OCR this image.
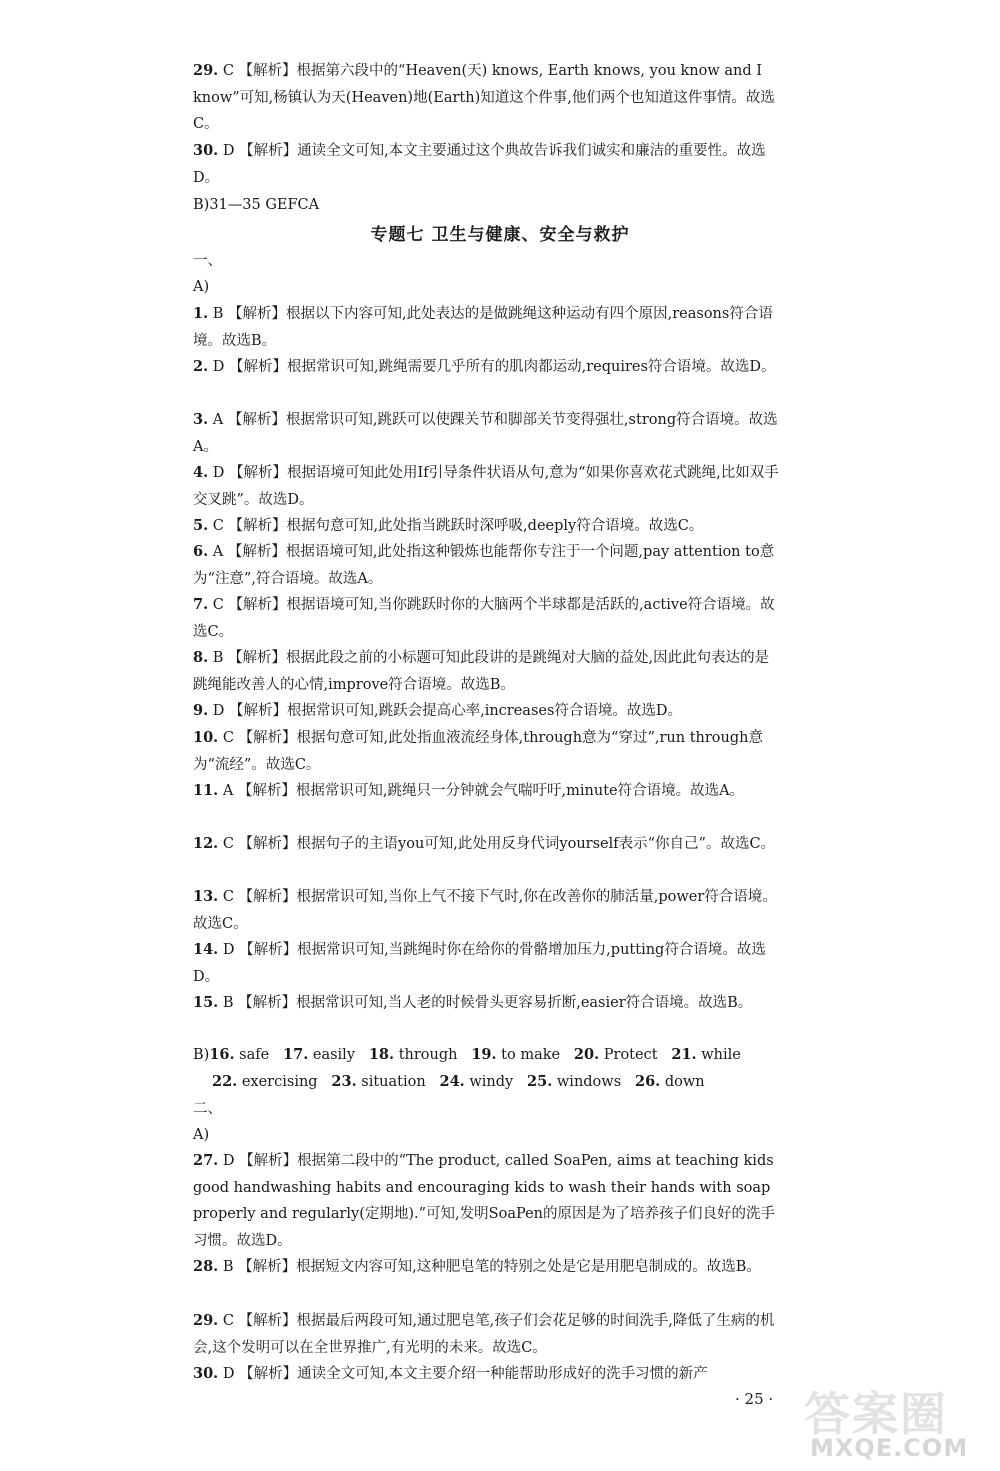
29. C 【解析】根据第六段中的“Heaven(天) knows, Earth knows, you know and I know”可知,杨镇认为天(Heaven)地(Earth)知道这个件事,他们两个也知道这件事情。故选C。
30. D 【解析】通读全文可知,本文主要通过这个典故告诉我们诚实和廉洁的重要性。故选D。
B)31—35 GEFCA
专题七 卫生与健康、安全与救护
一、
A)
1. B 【解析】根据以下内容可知,此处表达的是做跳绳这种运动有四个原因,reasons符合语境。故选B。
2. D 【解析】根据常识可知,跳绳需要几乎所有的肌肉都运动,requires符合语境。故选D。
3. A 【解析】根据常识可知,跳跃可以使踝关节和脚部关节变得强壮,strong符合语境。故选A。
4. D 【解析】根据语境可知此处用If引导条件状语从句,意为“如果你喜欢花式跳绳,比如双手交叉跳”。故选D。
5. C 【解析】根据句意可知,此处指当跳跃时深呼吸,deeply符合语境。故选C。
6. A 【解析】根据语境可知,此处指这种锻炼也能帮你专注于一个问题,pay attention to意为“注意”,符合语境。故选A。
7. C 【解析】根据语境可知,当你跳跃时你的大脑两个半球都是活跃的,active符合语境。故选C。
8. B 【解析】根据此段之前的小标题可知此段讲的是跳绳对大脑的益处,因此此句表达的是跳绳能改善人的心情,improve符合语境。故选B。
9. D 【解析】根据常识可知,跳跃会提高心率,increases符合语境。故选D。
10. C 【解析】根据句意可知,此处指血液流经身体,through意为“穿过”,run through意为“流经”。故选C。
11. A 【解析】根据常识可知,跳绳只一分钟就会气喘吁吁,minute符合语境。故选A。
12. C 【解析】根据句子的主语you可知,此处用反身代词yourself表示“你自己”。故选C。
13. C 【解析】根据常识可知,当你上气不接下气时,你在改善你的肺活量,power符合语境。故选C。
14. D 【解析】根据常识可知,当跳绳时你在给你的骨骼增加压力,putting符合语境。故选D。
15. B 【解析】根据常识可知,当人老的时候骨头更容易折断,easier符合语境。故选B。
B)16. safe 17. easily 18. through 19. to make 20. Protect 21. while
22. exercising 23. situation 24. windy 25. windows 26. down
二、
A)
27. D 【解析】根据第二段中的“The product, called SoaPen, aims at teaching kids good handwashing habits and encouraging kids to wash their hands with soap properly and regularly(定期地).”可知,发明SoaPen的原因是为了培养孩子们良好的洗手习惯。故选D。
28. B 【解析】根据短文内容可知,这种肥皂笔的特别之处是它是用肥皂制成的。故选B。
29. C 【解析】根据最后两段可知,通过肥皂笔,孩子们会花足够的时间洗手,降低了生病的机会,这个发明可以在全世界推广,有光明的未来。故选C。
30. D 【解析】通读全文可知,本文主要介绍一种能帮助形成好的洗手习惯的新产
· 25 · 答案圈
MXQE.COM
